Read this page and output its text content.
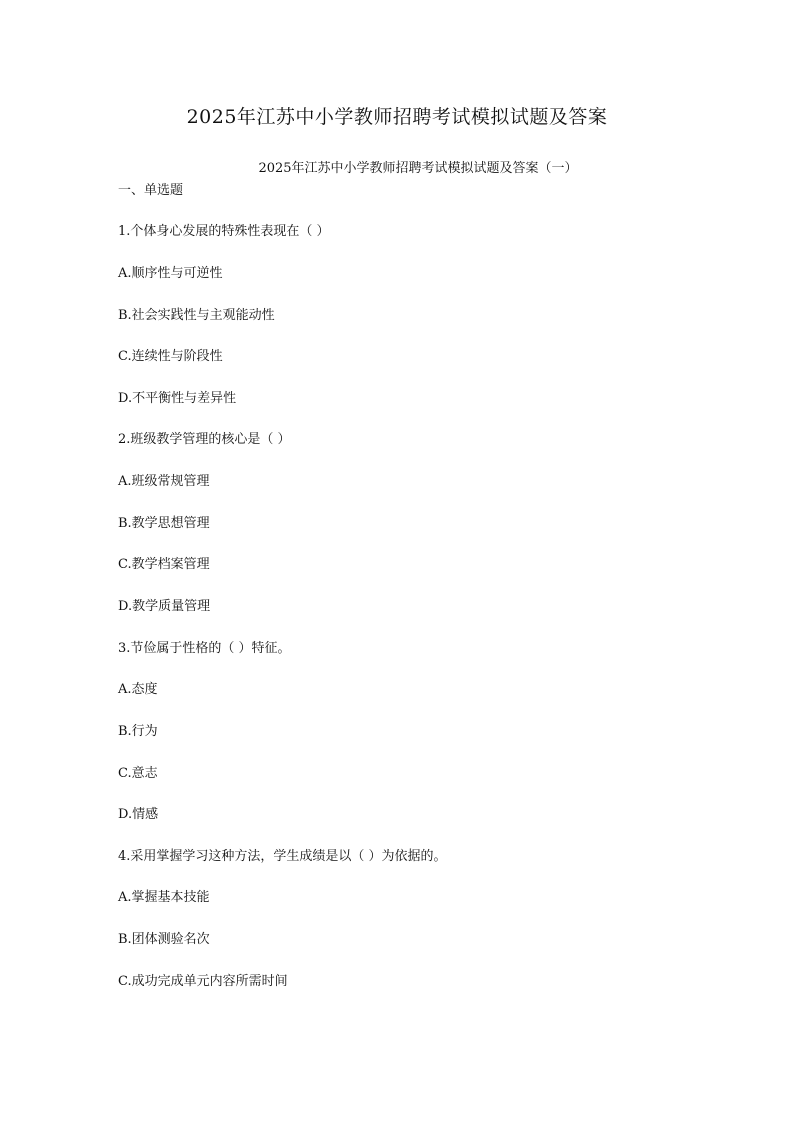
2025年江苏中小学教师招聘考试模拟试题及答案
2025年江苏中小学教师招聘考试模拟试题及答案（一）
一、单选题
1.个体身心发展的特殊性表现在（ ）
A.顺序性与可逆性
B.社会实践性与主观能动性
C.连续性与阶段性
D.不平衡性与差异性
2.班级教学管理的核心是（ ）
A.班级常规管理
B.教学思想管理
C.教学档案管理
D.教学质量管理
3.节俭属于性格的（ ）特征。
A.态度
B.行为
C.意志
D.情感
4.采用掌握学习这种方法，学生成绩是以（ ）为依据的。
A.掌握基本技能
B.团体测验名次
C.成功完成单元内容所需时间
